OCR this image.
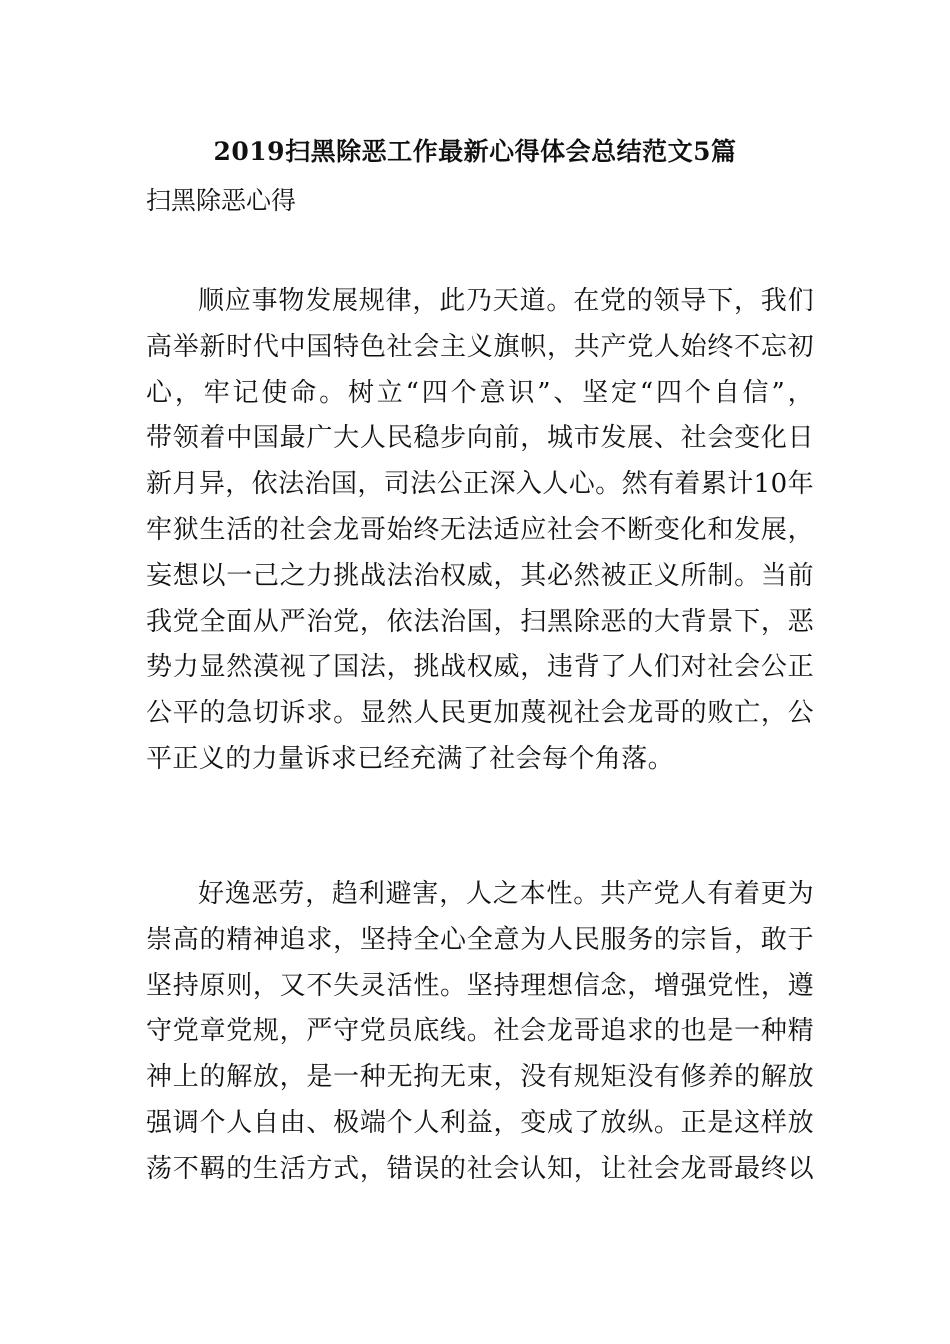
2019扫黑除恶工作最新心得体会总结范文5篇
扫黑除恶心得
顺应事物发展规律，此乃天道。在党的领导下，我们
高举新时代中国特色社会主义旗帜，共产党人始终不忘初
心，牢记使命。树立“四个意识”、坚定“四个自信”，
带领着中国最广大人民稳步向前，城市发展、社会变化日
新月异，依法治国，司法公正深入人心。然有着累计10年
牢狱生活的社会龙哥始终无法适应社会不断变化和发展，
妄想以一己之力挑战法治权威，其必然被正义所制。当前
我党全面从严治党，依法治国，扫黑除恶的大背景下，恶
势力显然漠视了国法，挑战权威，违背了人们对社会公正
公平的急切诉求。显然人民更加蔑视社会龙哥的败亡，公
平正义的力量诉求已经充满了社会每个角落。
好逸恶劳，趋利避害，人之本性。共产党人有着更为
崇高的精神追求，坚持全心全意为人民服务的宗旨，敢于
坚持原则，又不失灵活性。坚持理想信念，增强党性，遵
守党章党规，严守党员底线。社会龙哥追求的也是一种精
神上的解放，是一种无拘无束，没有规矩没有修养的解放
强调个人自由、极端个人利益，变成了放纵。正是这样放
荡不羁的生活方式，错误的社会认知，让社会龙哥最终以
